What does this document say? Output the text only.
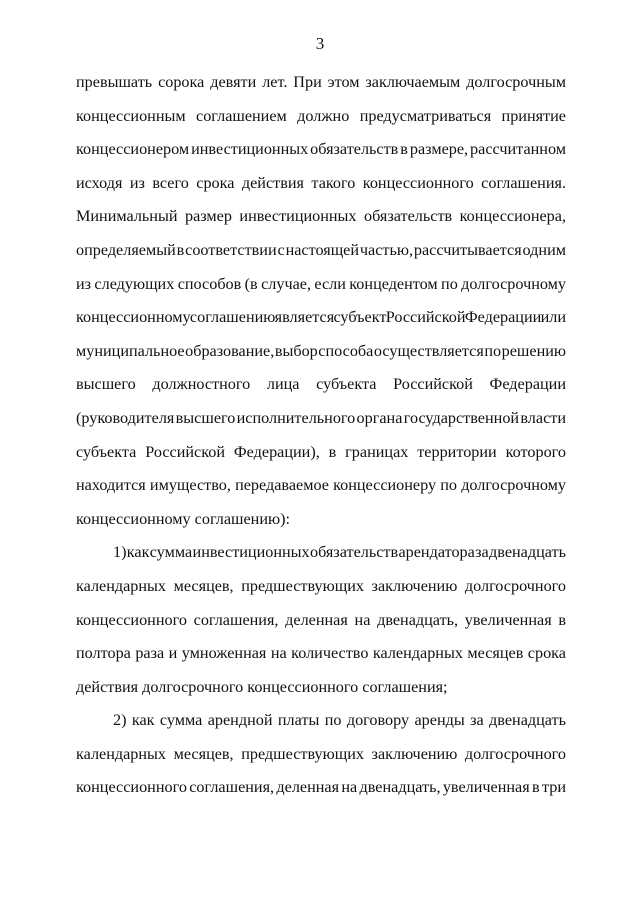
3
превышать сорока девяти лет. При этом заключаемым долгосрочным
концессионным соглашением должно предусматриваться принятие
концессионером инвестиционных обязательств в размере, рассчитанном
исходя из всего срока действия такого концессионного соглашения.
Минимальный размер инвестиционных обязательств концессионера,
определяемый в соответствии с настоящей частью, рассчитывается одним
из следующих способов (в случае, если концедентом по долгосрочному
концессионному соглашению является субъект Российской Федерации или
муниципальное образование, выбор способа осуществляется по решению
высшего должностного лица субъекта Российской Федерации
(руководителя высшего исполнительного органа государственной власти
субъекта Российской Федерации), в границах территории которого
находится имущество, передаваемое концессионеру по долгосрочному
концессионному соглашению):
1) как сумма инвестиционных обязательств арендатора за двенадцать
календарных месяцев, предшествующих заключению долгосрочного
концессионного соглашения, деленная на двенадцать, увеличенная в
полтора раза и умноженная на количество календарных месяцев срока
действия долгосрочного концессионного соглашения;
2) как сумма арендной платы по договору аренды за двенадцать
календарных месяцев, предшествующих заключению долгосрочного
концессионного соглашения, деленная на двенадцать, увеличенная в три
